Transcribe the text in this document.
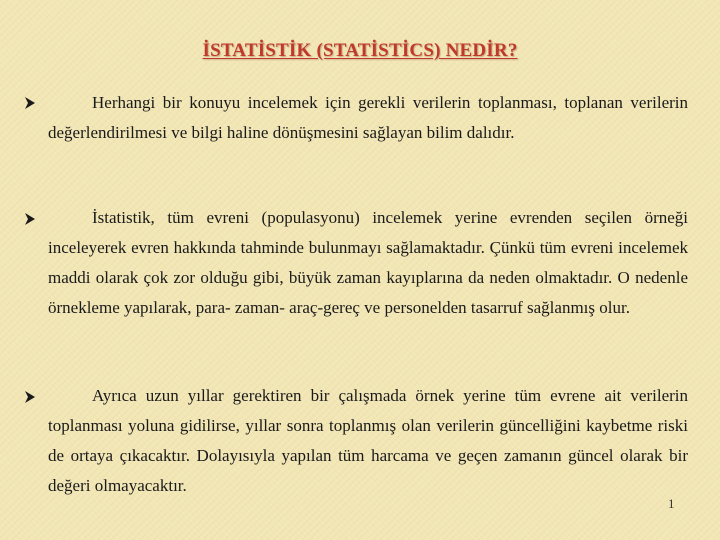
İSTATİSTİK (STATİSTİCS) NEDİR?

Herhangi bir konuyu incelemek için gerekli verilerin toplanması, toplanan verilerin değerlendirilmesi ve bilgi haline dönüşmesini sağlayan bilim dalıdır.

İstatistik, tüm evreni (populasyonu) incelemek yerine evrenden seçilen örneği inceleyerek evren hakkında tahminde bulunmayı sağlamaktadır. Çünkü tüm evreni incelemek maddi olarak çok zor olduğu gibi, büyük zaman kayıplarına da neden olmaktadır. O nedenle örnekleme yapılarak, para- zaman- araç-gereç ve personelden tasarruf sağlanmış olur.

Ayrıca uzun yıllar gerektiren bir çalışmada örnek yerine tüm evrene ait verilerin toplanması yoluna gidilirse, yıllar sonra toplanmış olan verilerin güncelliğini kaybetme riski de ortaya çıkacaktır. Dolayısıyla yapılan tüm harcama ve geçen zamanın güncel olarak bir değeri olmayacaktır.

1
